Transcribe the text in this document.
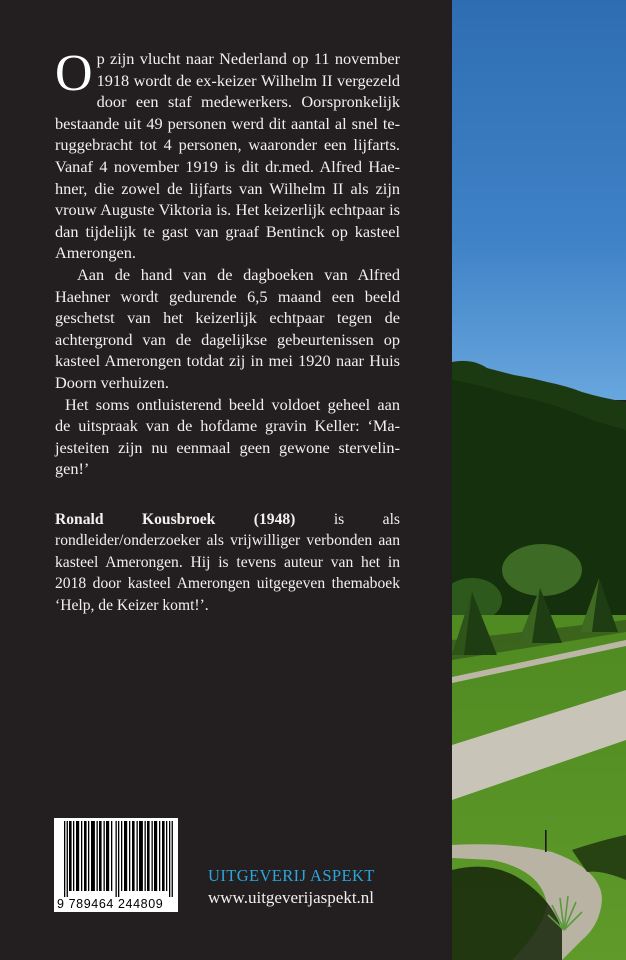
Op zijn vlucht naar Nederland op 11 november 1918 wordt de ex-keizer Wilhelm II vergezeld door een staf medewerkers. Oorspronkelijk bestaande uit 49 personen werd dit aantal al snel teruggebracht tot 4 personen, waaronder een lijfarts. Vanaf 4 november 1919 is dit dr.med. Alfred Haehner, die zowel de lijfarts van Wilhelm II als zijn vrouw Auguste Viktoria is. Het keizerlijk echtpaar is dan tijdelijk te gast van graaf Bentinck op kasteel Amerongen.

Aan de hand van de dagboeken van Alfred Haehner wordt gedurende 6,5 maand een beeld geschetst van het keizerlijk echtpaar tegen de achtergrond van de dagelijkse gebeurtenissen op kasteel Amerongen totdat zij in mei 1920 naar Huis Doorn verhuizen.

Het soms ontluisterend beeld voldoet geheel aan de uitspraak van de hofdame gravin Keller: ‘Majesteiten zijn nu eenmaal geen gewone stervelingen!’

Ronald Kousbroek (1948) is als rondleider/onderzoeker als vrijwilliger verbonden aan kasteel Amerongen. Hij is tevens auteur van het in 2018 door kasteel Amerongen uitgegeven themaboek ‘Help, de Keizer komt!’.

9 789464 244809
UITGEVERIJ ASPEKT
www.uitgeverijaspekt.nl
